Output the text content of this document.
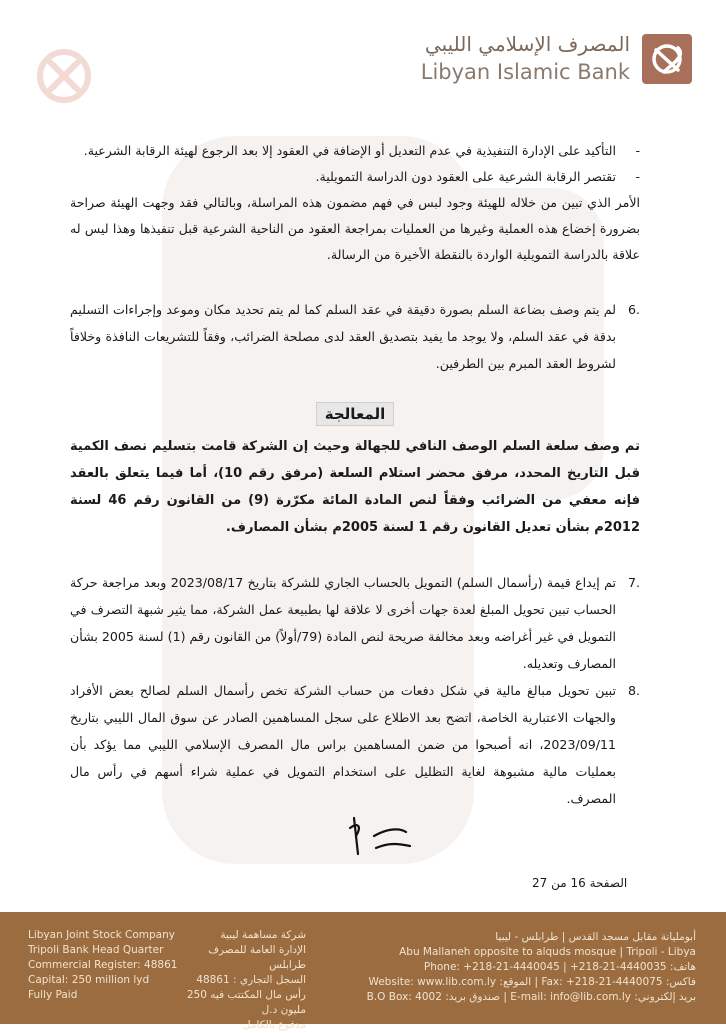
المصرف الإسلامي الليبي
Libyan Islamic Bank
-
التأكيد على الإدارة التنفيذية في عدم التعديل أو الإضافة في العقود إلا بعد الرجوع لهيئة الرقابة الشرعية.
-
تقتصر الرقابة الشرعية على العقود دون الدراسة التمويلية.
الأمر الذي تبين من خلاله للهيئة وجود لبس في فهم مضمون هذه المراسلة، وبالتالي فقد وجهت الهيئة صراحة بضرورة إخضاع هذه العملية وغيرها من العمليات بمراجعة العقود من الناحية الشرعية قبل تنفيذها وهذا ليس له علاقة بالدراسة التمويلية الواردة بالنقطة الأخيرة من الرسالة.
.6
لم يتم وصف بضاعة السلم بصورة دقيقة في عقد السلم كما لم يتم تحديد مكان وموعد وإجراءات التسليم بدقة في عقد السلم، ولا يوجد ما يفيد بتصديق العقد لدى مصلحة الضرائب، وفقاً للتشريعات النافذة وخلافاً لشروط العقد المبرم بين الطرفين.
المعالجة
تم وصف سلعة السلم الوصف النافي للجهالة وحيث إن الشركة قامت بتسليم نصف الكمية قبل التاريخ المحدد، مرفق محضر استلام السلعة (مرفق رقم 10)، أما فيما يتعلق بالعقد فإنه معفي من الضرائب وفقاً لنص المادة المائة مكرّرة (9) من القانون رقم 46 لسنة 2012م بشأن تعديل القانون رقم 1 لسنة 2005م بشأن المصارف.
.7
تم إيداع قيمة (رأسمال السلم) التمويل بالحساب الجاري للشركة بتاريخ 2023/08/17 وبعد مراجعة حركة الحساب تبين تحويل المبلغ لعدة جهات أخرى لا علاقة لها بطبيعة عمل الشركة، مما يثير شبهة التصرف في التمويل في غير أغراضه وبعد مخالفة صريحة لنص المادة (79/أولاً) من القانون رقم (1) لسنة 2005 بشأن المصارف وتعديله.
.8
تبين تحويل مبالغ مالية في شكل دفعات من حساب الشركة تخص رأسمال السلم لصالح بعض الأفراد والجهات الاعتبارية الخاصة، اتضح بعد الاطلاع على سجل المساهمين الصادر عن سوق المال الليبي بتاريخ 2023/09/11، انه أصبحوا من ضمن المساهمين براس مال المصرف الإسلامي الليبي مما يؤكد بأن بعمليات مالية مشبوهة لغاية التظليل على استخدام التمويل في عملية شراء أسهم في رأس مال المصرف.
الصفحة 16 من 27
Libyan Joint Stock Company
Tripoli Bank Head Quarter
Commercial Register: 48861
Capital: 250 million lyd
Fully Paid
شركة مساهمة ليبية
الإدارة العامة للمصرف طرابلس
السجل التجاري : 48861
رأس مال المكتتب فيه 250 مليون د.ل
مدفوع بالكامل
أبومليانة مقابل مسجد القدس | طرابلس - ليبيا
Abu Mallaneh opposite to alquds mosque | Tripoli - Libya
Phone: +218-21-4440045 | +218-21-4440035 :هاتف
Website: www.lib.com.ly :الموقع | Fax: +218-21-4440075 :فاكس
B.O Box: 4002 :صندوق بريد | E-mail: info@lib.com.ly :بريد إلكتروني
